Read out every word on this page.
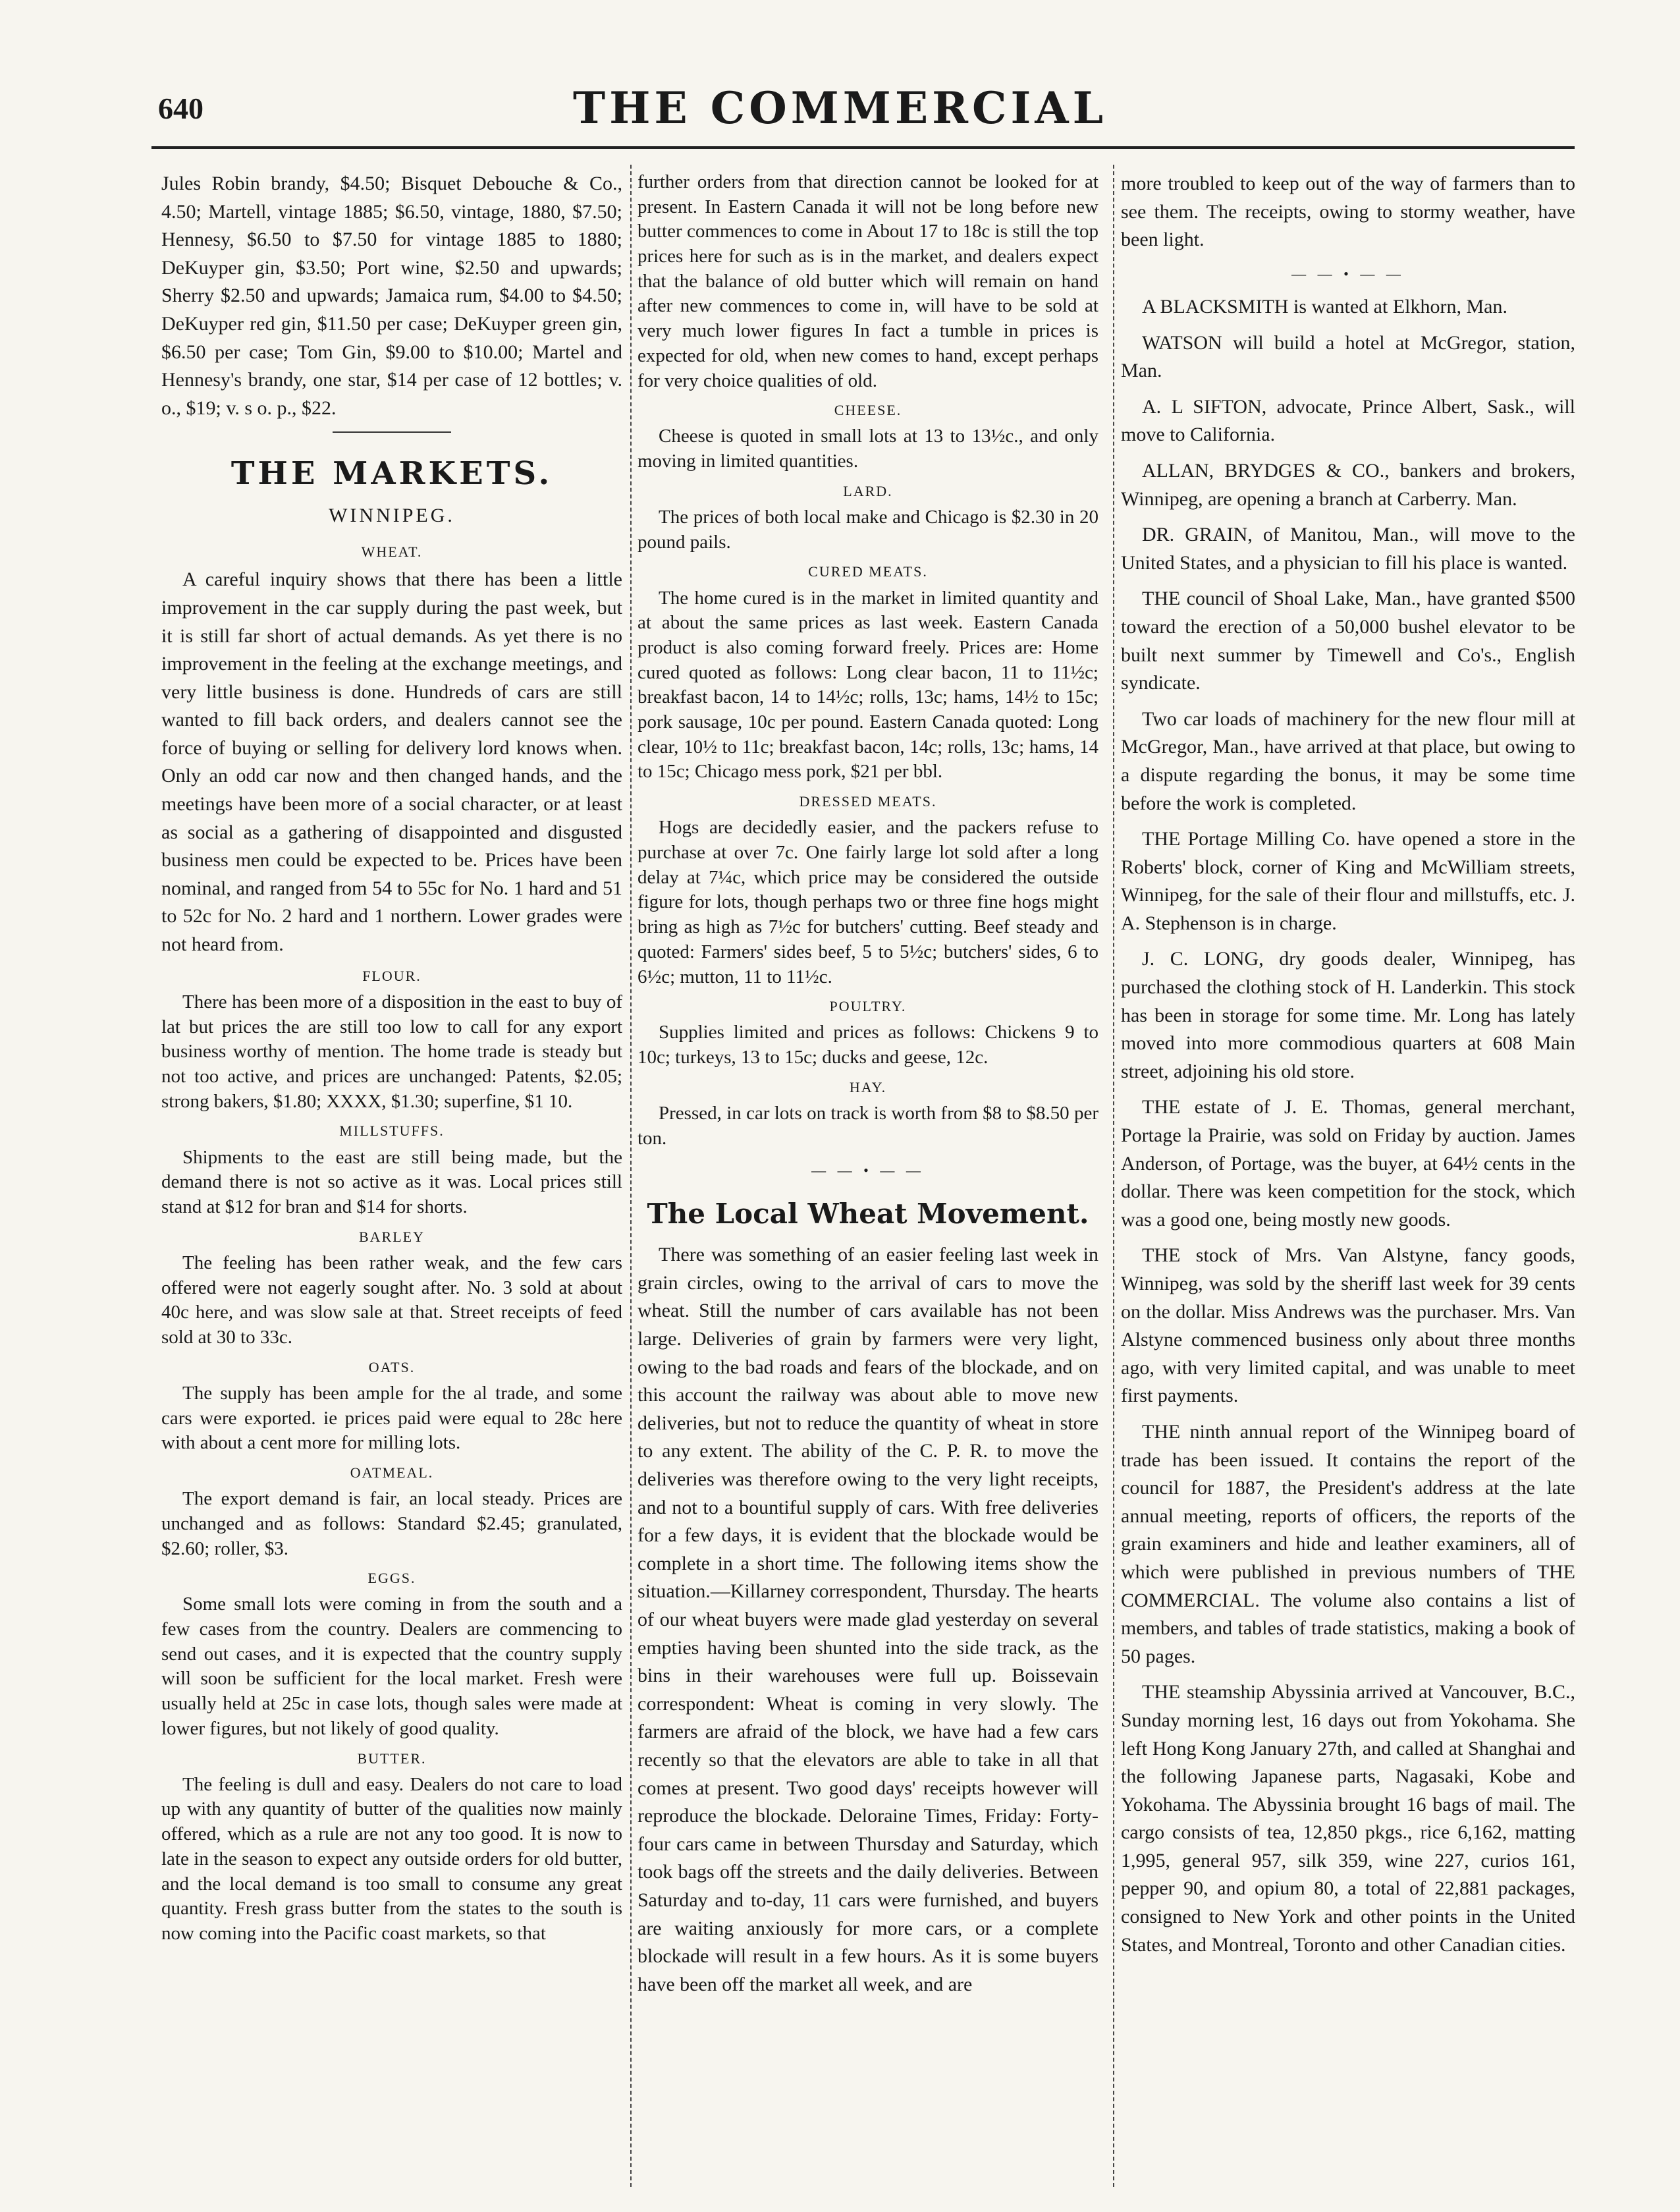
640	THE COMMERCIAL

Jules Robin brandy, $4.50; Bisquet Debouche & Co., 4.50; Martell, vintage 1885; $6.50, vintage, 1880, $7.50; Hennesy, $6.50 to $7.50 for vintage 1885 to 1880; DeKuyper gin, $3.50; Port wine, $2.50 and upwards; Sherry $2.50 and upwards; Jamaica rum, $4.00 to $4.50; DeKuyper red gin, $11.50 per case; DeKuyper green gin, $6.50 per case; Tom Gin, $9.00 to $10.00; Martel and Hennesy's brandy, one star, $14 per case of 12 bottles; v. o., $19; v. s o. p., $22.

THE MARKETS.
WINNIPEG.
WHEAT.

A careful inquiry shows that there has been a little improvement in the car supply during the past week, but it is still far short of actual demands. As yet there is no improvement in the feeling at the exchange meetings, and very little business is done. Hundreds of cars are still wanted to fill back orders, and dealers cannot see the force of buying or selling for delivery lord knows when. Only an odd car now and then changed hands, and the meetings have been more of a social character, or at least as social as a gathering of disappointed and disgusted business men could be expected to be. Prices have been nominal, and ranged from 54 to 55c for No. 1 hard and 51 to 52c for No. 2 hard and 1 northern. Lower grades were not heard from.

FLOUR.

There has been more of a disposition in the east to buy of lat but prices the are still too low to call for any export business worthy of mention. The home trade is steady but not too active, and prices are unchanged: Patents, $2.05; strong bakers, $1.80; XXXX, $1.30; superfine, $1 10.

MILLSTUFFS.

Shipments to the east are still being made, but the demand there is not so active as it was. Local prices still stand at $12 for bran and $14 for shorts.

BARLEY

The feeling has been rather weak, and the few cars offered were not eagerly sought after. No. 3 sold at about 40c here, and was slow sale at that. Street receipts of feed sold at 30 to 33c.

OATS.

The supply has been ample for the al trade, and some cars were exported. ie prices paid were equal to 28c here with about a cent more for milling lots.

OATMEAL.

The export demand is fair, an local steady. Prices are unchanged and as follows: Standard $2.45; granulated, $2.60; roller, $3.

EGGS.

Some small lots were coming in from the south and a few cases from the country. Dealers are commencing to send out cases, and it is expected that the country supply will soon be sufficient for the local market. Fresh were usually held at 25c in case lots, though sales were made at lower figures, but not likely of good quality.

BUTTER.

The feeling is dull and easy. Dealers do not care to load up with any quantity of butter of the qualities now mainly offered, which as a rule are not any too good. It is now to late in the season to expect any outside orders for old butter, and the local demand is too small to consume any great quantity. Fresh grass butter from the states to the south is now coming into the Pacific coast markets, so that

further orders from that direction cannot be looked for at present. In Eastern Canada it will not be long before new butter commences to come in About 17 to 18c is still the top prices here for such as is in the market, and dealers expect that the balance of old butter which will remain on hand after new commences to come in, will have to be sold at very much lower figures In fact a tumble in prices is expected for old, when new comes to hand, except perhaps for very choice qualities of old.

CHEESE.

Cheese is quoted in small lots at 13 to 13½c., and only moving in limited quantities.

LARD.

The prices of both local make and Chicago is $2.30 in 20 pound pails.

CURED MEATS.

The home cured is in the market in limited quantity and at about the same prices as last week. Eastern Canada product is also coming forward freely. Prices are: Home cured quoted as follows: Long clear bacon, 11 to 11½c; breakfast bacon, 14 to 14½c; rolls, 13c; hams, 14½ to 15c; pork sausage, 10c per pound. Eastern Canada quoted: Long clear, 10½ to 11c; breakfast bacon, 14c; rolls, 13c; hams, 14 to 15c; Chicago mess pork, $21 per bbl.

DRESSED MEATS.

Hogs are decidedly easier, and the packers refuse to purchase at over 7c. One fairly large lot sold after a long delay at 7¼c, which price may be considered the outside figure for lots, though perhaps two or three fine hogs might bring as high as 7½c for butchers' cutting. Beef steady and quoted: Farmers' sides beef, 5 to 5½c; butchers' sides, 6 to 6½c; mutton, 11 to 11½c.

POULTRY.

Supplies limited and prices as follows: Chickens 9 to 10c; turkeys, 13 to 15c; ducks and geese, 12c.

HAY.

Pressed, in car lots on track is worth from $8 to $8.50 per ton.

— — • — —
The Local Wheat Movement.

There was something of an easier feeling last week in grain circles, owing to the arrival of cars to move the wheat. Still the number of cars available has not been large. Deliveries of grain by farmers were very light, owing to the bad roads and fears of the blockade, and on this account the railway was about able to move new deliveries, but not to reduce the quantity of wheat in store to any extent. The ability of the C. P. R. to move the deliveries was therefore owing to the very light receipts, and not to a bountiful supply of cars. With free deliveries for a few days, it is evident that the blockade would be complete in a short time. The following items show the situation.—Killarney correspondent, Thursday. The hearts of our wheat buyers were made glad yesterday on several empties having been shunted into the side track, as the bins in their warehouses were full up. Boissevain correspondent: Wheat is coming in very slowly. The farmers are afraid of the block, we have had a few cars recently so that the elevators are able to take in all that comes at present. Two good days' receipts however will reproduce the blockade. Deloraine Times, Friday: Forty-four cars came in between Thursday and Saturday, which took bags off the streets and the daily deliveries. Between Saturday and to-day, 11 cars were furnished, and buyers are waiting anxiously for more cars, or a complete blockade will result in a few hours. As it is some buyers have been off the market all week, and are

more troubled to keep out of the way of farmers than to see them. The receipts, owing to stormy weather, have been light.

— — • — —

A BLACKSMITH is wanted at Elkhorn, Man.

WATSON will build a hotel at McGregor, station, Man.

A. L SIFTON, advocate, Prince Albert, Sask., will move to California.

ALLAN, BRYDGES & CO., bankers and brokers, Winnipeg, are opening a branch at Carberry. Man.

DR. GRAIN, of Manitou, Man., will move to the United States, and a physician to fill his place is wanted.

THE council of Shoal Lake, Man., have granted $500 toward the erection of a 50,000 bushel elevator to be built next summer by Timewell and Co's., English syndicate.

Two car loads of machinery for the new flour mill at McGregor, Man., have arrived at that place, but owing to a dispute regarding the bonus, it may be some time before the work is completed.

THE Portage Milling Co. have opened a store in the Roberts' block, corner of King and McWilliam streets, Winnipeg, for the sale of their flour and millstuffs, etc. J. A. Stephenson is in charge.

J. C. LONG, dry goods dealer, Winnipeg, has purchased the clothing stock of H. Landerkin. This stock has been in storage for some time. Mr. Long has lately moved into more commodious quarters at 608 Main street, adjoining his old store.

THE estate of J. E. Thomas, general merchant, Portage la Prairie, was sold on Friday by auction. James Anderson, of Portage, was the buyer, at 64½ cents in the dollar. There was keen competition for the stock, which was a good one, being mostly new goods.

THE stock of Mrs. Van Alstyne, fancy goods, Winnipeg, was sold by the sheriff last week for 39 cents on the dollar. Miss Andrews was the purchaser. Mrs. Van Alstyne commenced business only about three months ago, with very limited capital, and was unable to meet first payments.

THE ninth annual report of the Winnipeg board of trade has been issued. It contains the report of the council for 1887, the President's address at the late annual meeting, reports of officers, the reports of the grain examiners and hide and leather examiners, all of which were published in previous numbers of THE COMMERCIAL. The volume also contains a list of members, and tables of trade statistics, making a book of 50 pages.

THE steamship Abyssinia arrived at Vancouver, B.C., Sunday morning lest, 16 days out from Yokohama. She left Hong Kong January 27th, and called at Shanghai and the following Japanese parts, Nagasaki, Kobe and Yokohama. The Abyssinia brought 16 bags of mail. The cargo consists of tea, 12,850 pkgs., rice 6,162, matting 1,995, general 957, silk 359, wine 227, curios 161, pepper 90, and opium 80, a total of 22,881 packages, consigned to New York and other points in the United States, and Montreal, Toronto and other Canadian cities.
